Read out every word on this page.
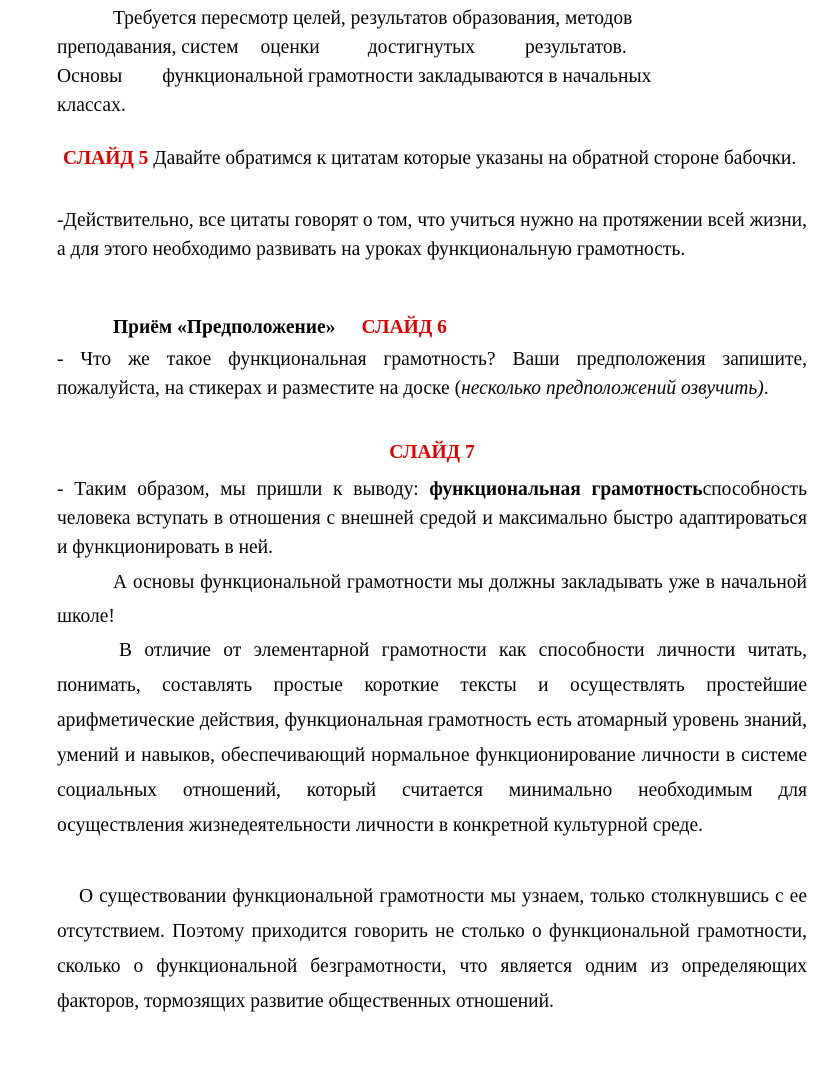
Требуется пересмотр целей, результатов образования, методов
преподавания, систем оценки достигнутых	результатов.
Основы функциональной грамотности закладываются в начальных
классах.

СЛАЙД 5 Давайте обратимся к цитатам которые указаны на обратной стороне бабочки.

-Действительно, все цитаты говорят о том, что учиться нужно на протяжении всей жизни, а для этого необходимо развивать на уроках функциональную грамотность.

Приём «Предположение» СЛАЙД 6

- Что же такое функциональная грамотность? Ваши предположения запишите, пожалуйста, на стикерах и разместите на доске (несколько предположений озвучить).

СЛАЙД 7

- Таким образом, мы пришли к выводу: функциональная грамотностьспособность человека вступать в отношения с внешней средой и максимально быстро адаптироваться и функционировать в ней.

А основы функциональной грамотности мы должны закладывать уже в начальной школе!

В отличие от элементарной грамотности как способности личности читать, понимать, составлять простые короткие тексты и осуществлять простейшие арифметические действия, функциональная грамотность есть атомарный уровень знаний, умений и навыков, обеспечивающий нормальное функционирование личности в системе социальных отношений, который считается минимально необходимым для осуществления жизнедеятельности личности в конкретной культурной среде.

О существовании функциональной грамотности мы узнаем, только столкнувшись с ее отсутствием. Поэтому приходится говорить не столько о функциональной грамотности, сколько о функциональной безграмотности, что является одним из определяющих факторов, тормозящих развитие общественных отношений.
